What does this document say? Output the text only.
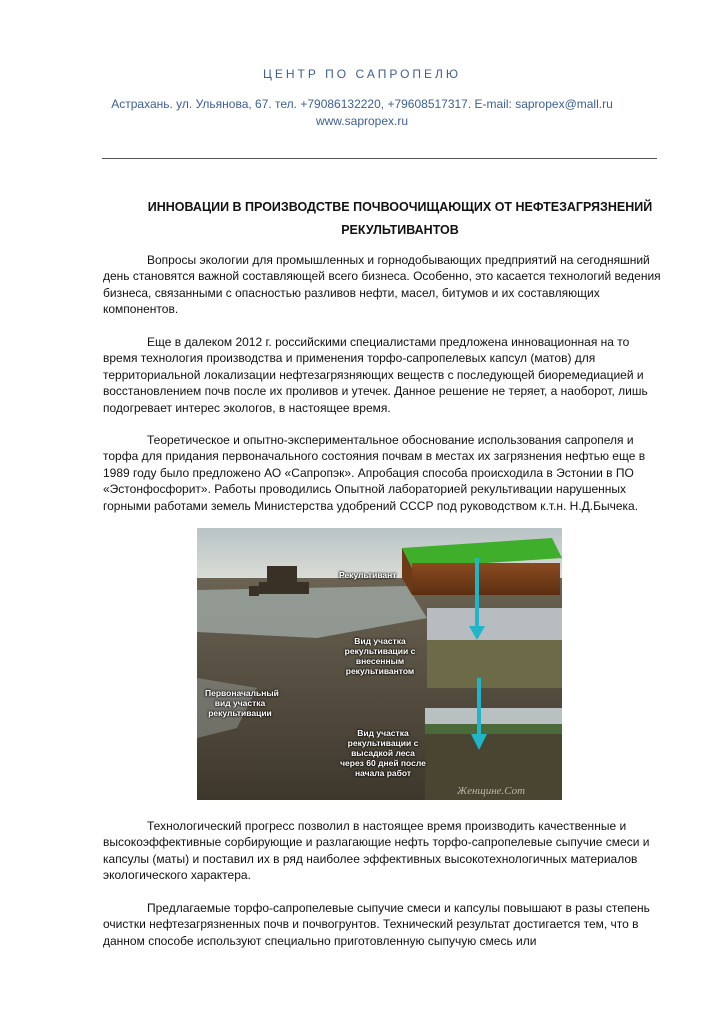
ЦЕНТР ПО САПРОПЕЛЮ
Астрахань. ул. Ульянова, 67. тел. +79086132220, +79608517317. E-mail: sapropex@mall.ru
www.sapropex.ru
ИННОВАЦИИ В ПРОИЗВОДСТВЕ ПОЧВООЧИЩАЮЩИХ ОТ НЕФТЕЗАГРЯЗНЕНИЙ
РЕКУЛЬТИВАНТОВ

Вопросы экологии для промышленных и горнодобывающих предприятий на сегодняшний день становятся важной составляющей всего бизнеса. Особенно, это касается технологий ведения бизнеса, связанными с опасностью разливов нефти, масел, битумов и их составляющих компонентов.

Еще в далеком 2012 г. российскими специалистами предложена инновационная на то время технология производства и применения торфо-сапропелевых капсул (матов) для территориальной локализации нефтезагрязняющих веществ с последующей биоремедиацией и восстановлением почв после их проливов и утечек. Данное решение не теряет, а наоборот, лишь подогревает интерес экологов, в настоящее время.

Теоретическое и опытно-экспериментальное обоснование использования сапропеля и торфа для придания первоначального состояния почвам в местах их загрязнения нефтью еще в 1989 году было предложено АО «Сапропэк». Апробация способа происходила в Эстонии в ПО «Эстонфосфорит». Работы проводились Опытной лабораторией рекультивации нарушенных горными работами земель Министерства удобрений СССР под руководством к.т.н. Н.Д.Бычека.

Женщине.Com
Рекультивант
Первоначальный вид участка рекультивации
Вид участка рекультивации с внесенным рекультивантом
Вид участка рекультивации с высадкой леса через 60 дней после начала работ

Технологический прогресс позволил в настоящее время производить качественные и высокоэффективные сорбирующие и разлагающие нефть торфо-сапропелевые сыпучие смеси и капсулы (маты) и поставил их в ряд наиболее эффективных высокотехнологичных материалов экологического характера.

Предлагаемые торфо-сапропелевые сыпучие смеси и капсулы повышают в разы степень очистки нефтезагрязненных почв и почвогрунтов. Технический результат достигается тем, что в данном способе используют специально приготовленную сыпучую смесь или
